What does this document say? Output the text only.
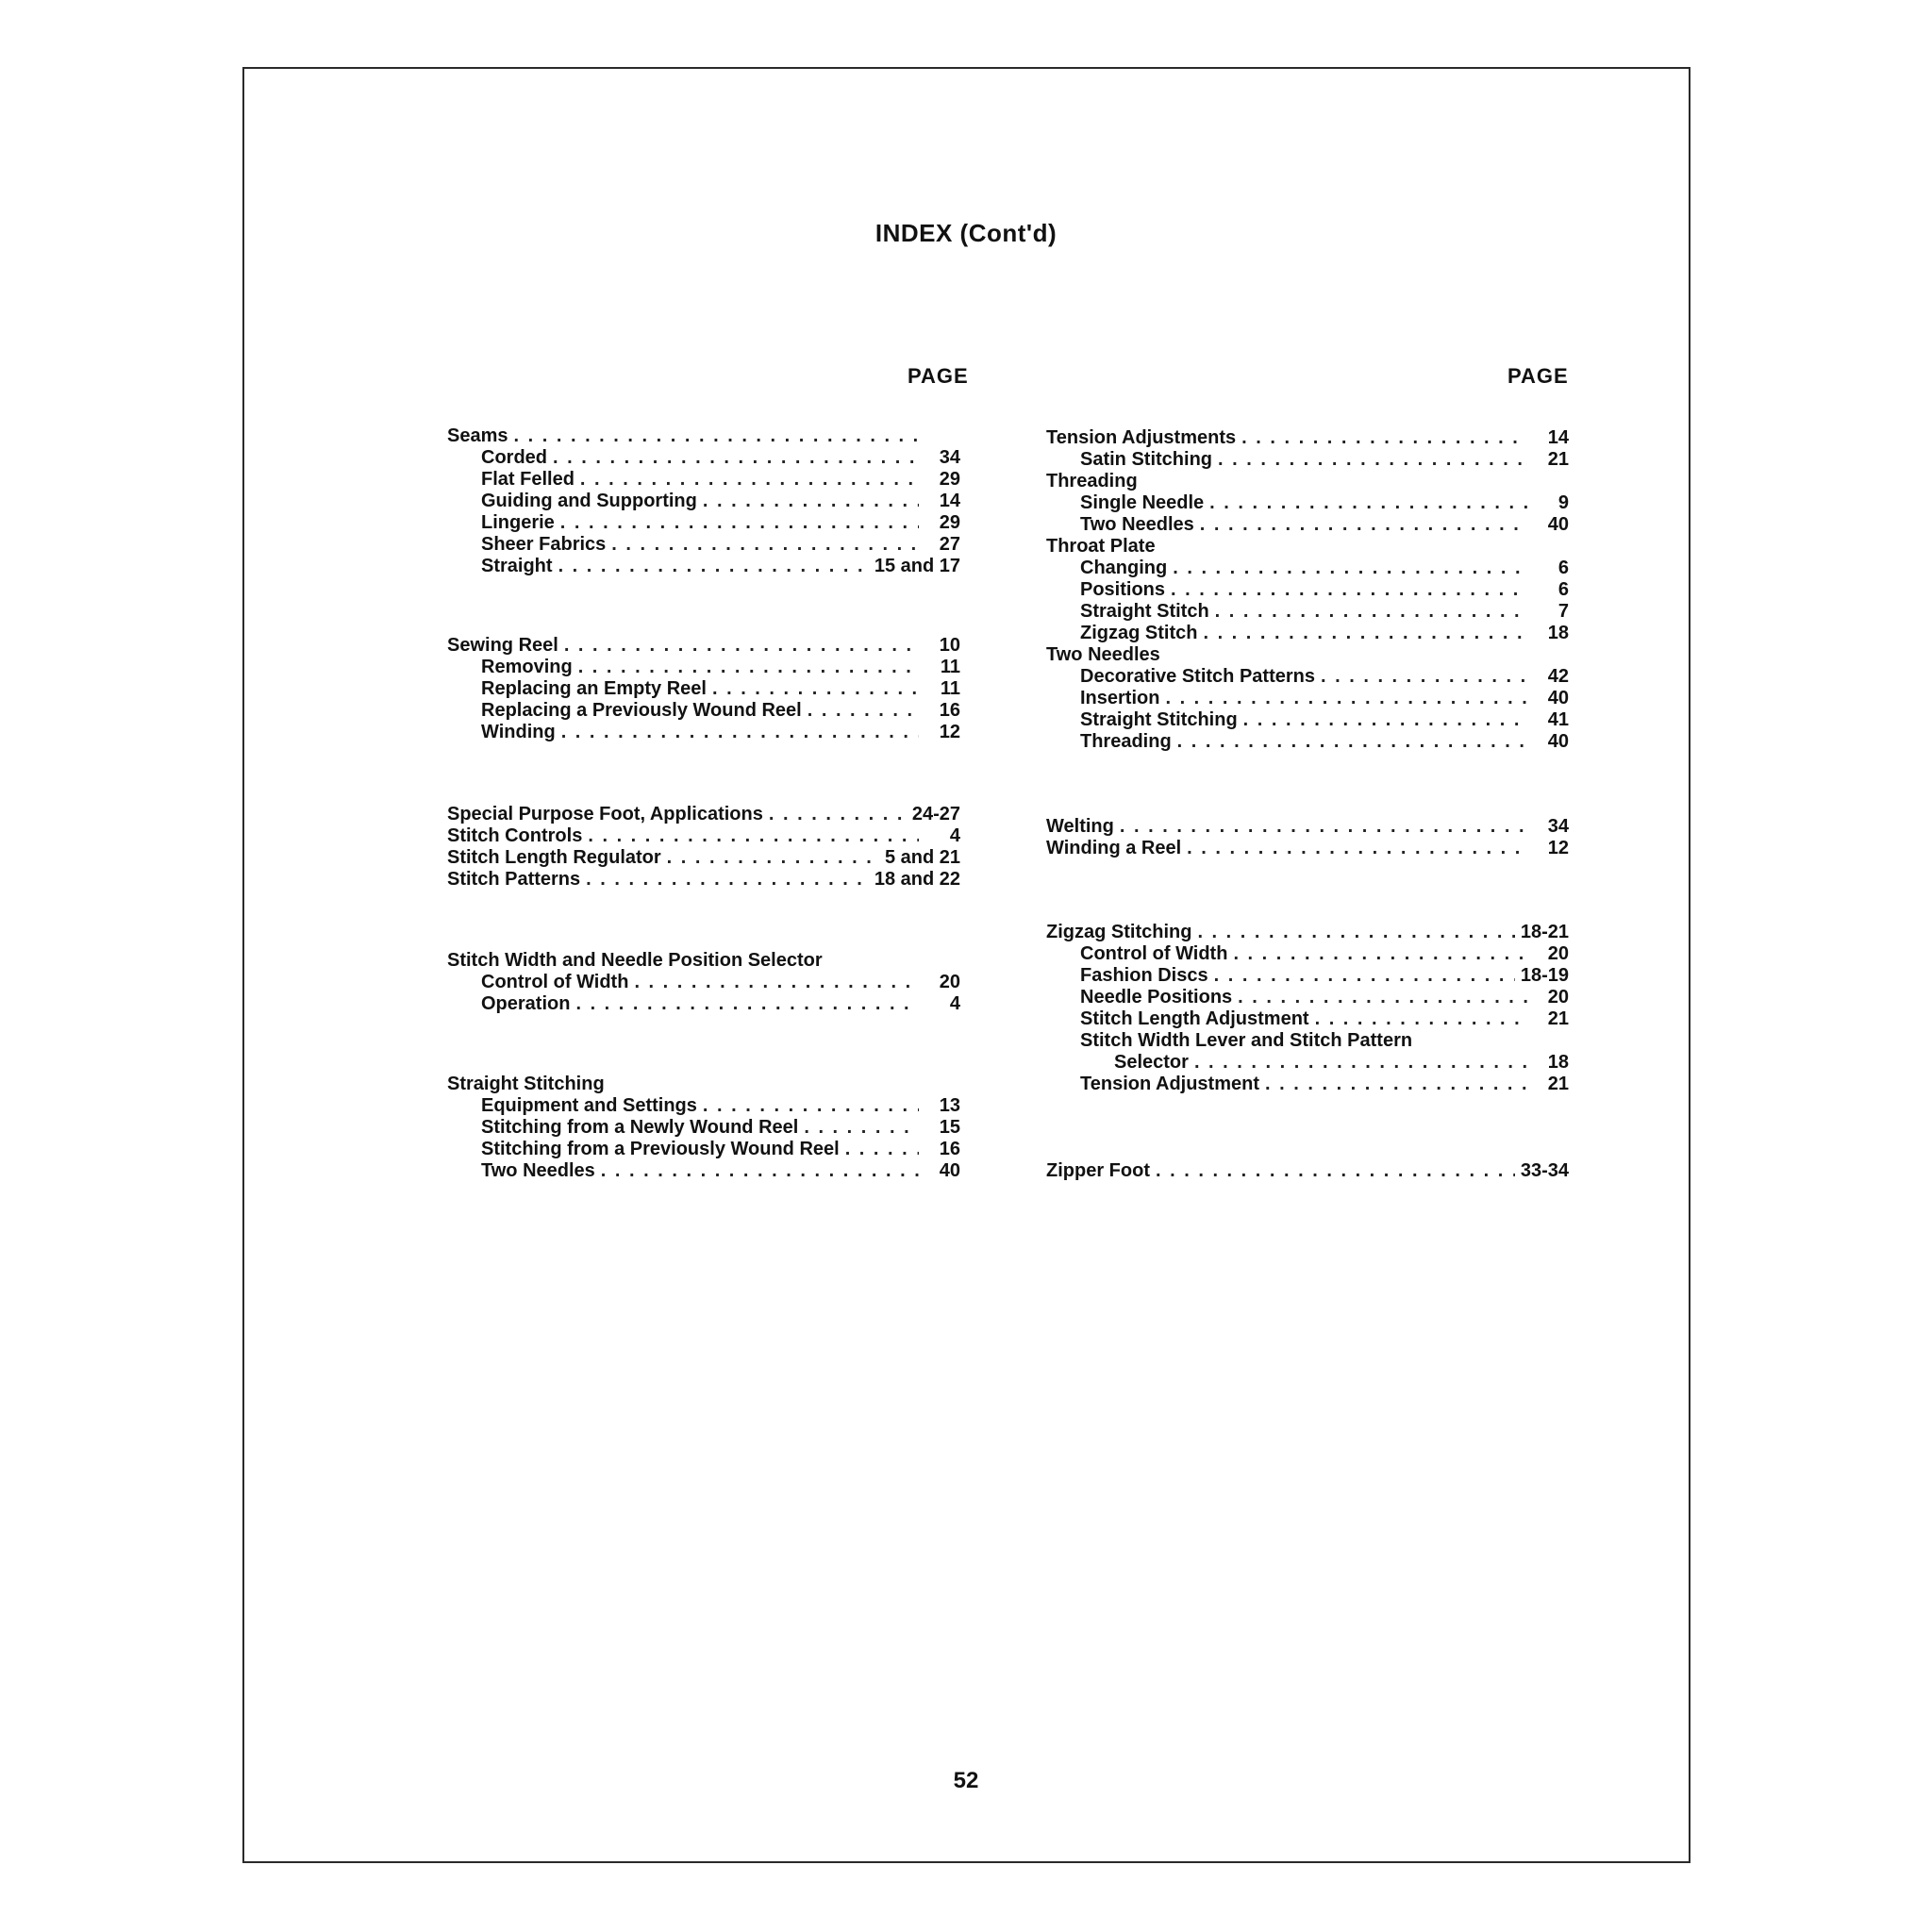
INDEX (Cont'd)
PAGE	PAGE
Seams
. . .
Corded . . .	34
Flat Felled . . .	29
Guiding and Supporting . . .	14
Lingerie . . .	29
Sheer Fabrics . . .	27
Straight . . .	15 and 17
Sewing Reel . . .	10
Removing . . .	11
Replacing an Empty Reel . . .	11
Replacing a Previously Wound Reel . . .	16
Winding . . .	12
Special Purpose Foot, Applications . . .	24-27
Stitch Controls . . .	4
Stitch Length Regulator . . .	5 and 21
Stitch Patterns . . .	18 and 22
Stitch Width and Needle Position Selector
Control of Width . . .	20
Operation . . .	4
Straight Stitching
Equipment and Settings . . .	13
Stitching from a Newly Wound Reel . . .	15
Stitching from a Previously Wound Reel . . .	16
Two Needles . . .	40
Tension Adjustments . . .	14
Satin Stitching . . .	21
Threading
Single Needle . . .	9
Two Needles . . .	40
Throat Plate
Changing . . .	6
Positions . . .	6
Straight Stitch . . .	7
Zigzag Stitch . . .	18
Two Needles
Decorative Stitch Patterns . . .	42
Insertion . . .	40
Straight Stitching . . .	41
Threading . . .	40
Welting . . .	34
Winding a Reel . . .	12
Zigzag Stitching . . .	18-21
Control of Width . . .	20
Fashion Discs . . .	18-19
Needle Positions . . .	20
Stitch Length Adjustment . . .	21
Stitch Width Lever and Stitch Pattern
Selector . . .	18
Tension Adjustment . . .	21
Zipper Foot . . .	33-34
52
